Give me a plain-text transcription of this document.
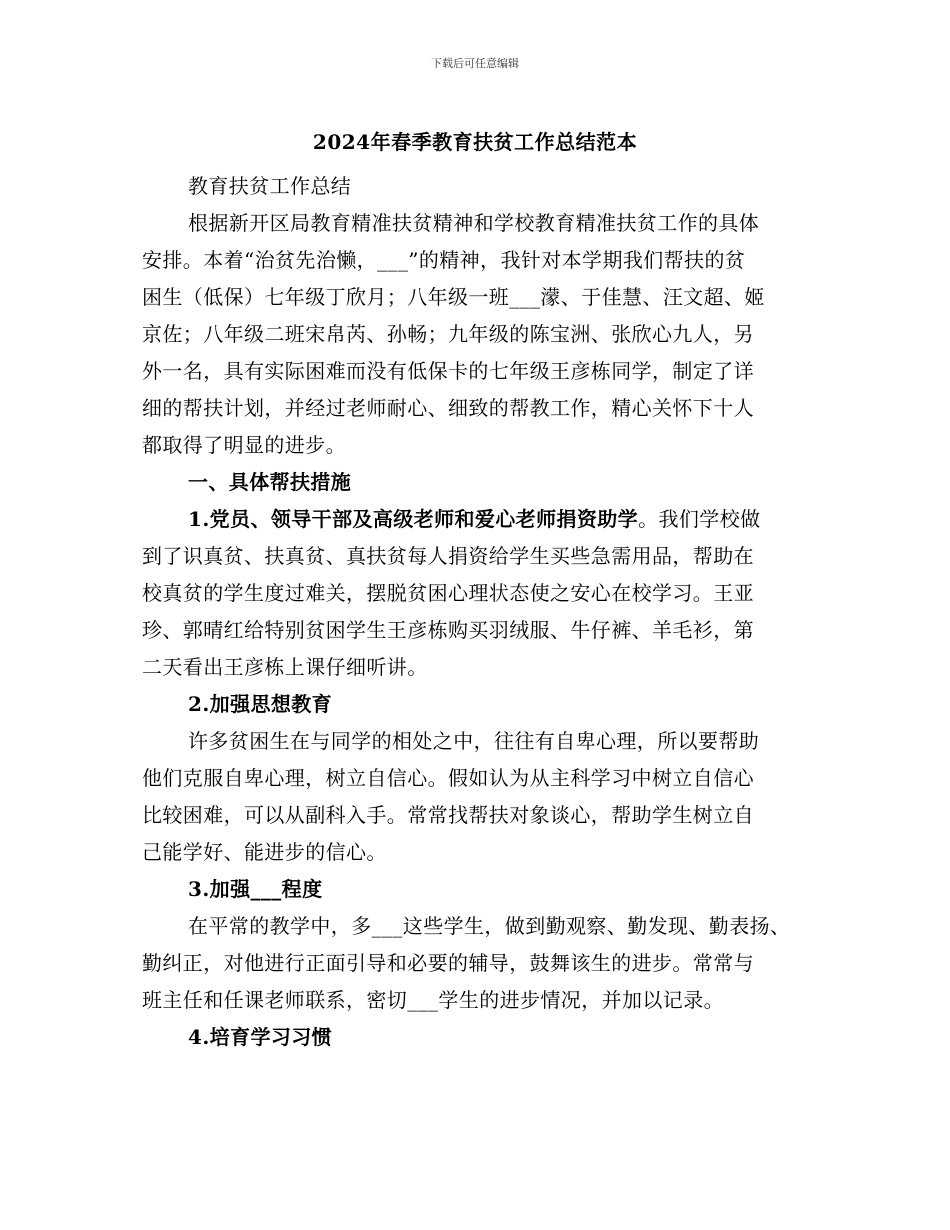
下载后可任意编辑
2024年春季教育扶贫工作总结范本
教育扶贫工作总结
根据新开区局教育精准扶贫精神和学校教育精准扶贫工作的具体
安排。本着“治贫先治懒，___”的精神，我针对本学期我们帮扶的贫
困生（低保）七年级丁欣月；八年级一班___濛、于佳慧、汪文超、姬
京佐；八年级二班宋帛芮、孙畅；九年级的陈宝洲、张欣心九人，另
外一名，具有实际困难而没有低保卡的七年级王彦栋同学，制定了详
细的帮扶计划，并经过老师耐心、细致的帮教工作，精心关怀下十人
都取得了明显的进步。
一、具体帮扶措施
1.党员、领导干部及高级老师和爱心老师捐资助学。我们学校做
到了识真贫、扶真贫、真扶贫每人捐资给学生买些急需用品，帮助在
校真贫的学生度过难关，摆脱贫困心理状态使之安心在校学习。王亚
珍、郭晴红给特别贫困学生王彦栋购买羽绒服、牛仔裤、羊毛衫，第
二天看出王彦栋上课仔细听讲。
2.加强思想教育
许多贫困生在与同学的相处之中，往往有自卑心理，所以要帮助
他们克服自卑心理，树立自信心。假如认为从主科学习中树立自信心
比较困难，可以从副科入手。常常找帮扶对象谈心，帮助学生树立自
己能学好、能进步的信心。
3.加强___程度
在平常的教学中，多___这些学生，做到勤观察、勤发现、勤表扬、
勤纠正，对他进行正面引导和必要的辅导，鼓舞该生的进步。常常与
班主任和任课老师联系，密切___学生的进步情况，并加以记录。
4.培育学习习惯
